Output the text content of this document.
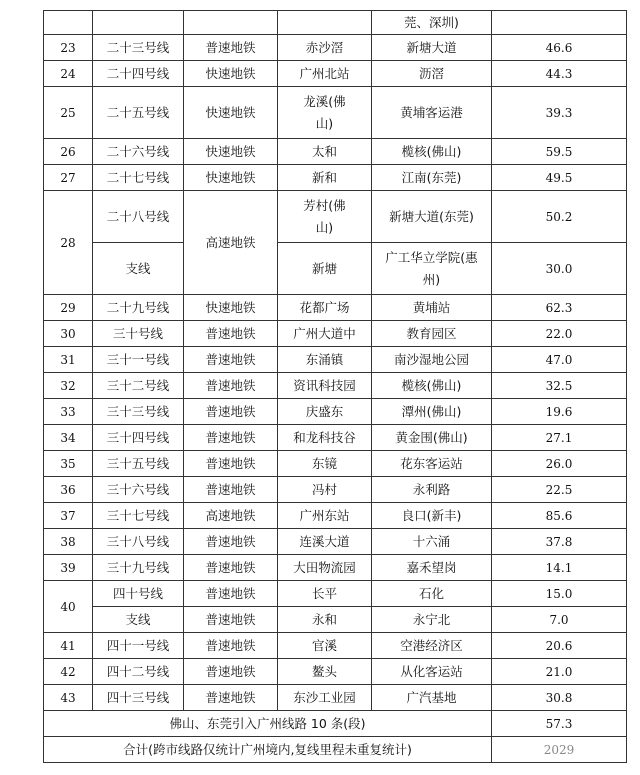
				莞、深圳)	
23	二十三号线	普速地铁	赤沙滘	新塘大道	46.6
24	二十四号线	快速地铁	广州北站	沥滘	44.3
25	二十五号线	快速地铁	龙溪(佛山)	黄埔客运港	39.3
26	二十六号线	快速地铁	太和	榄核(佛山)	59.5
27	二十七号线	快速地铁	新和	江南(东莞)	49.5
28	二十八号线	高速地铁	芳村(佛山)	新塘大道(东莞)	50.2
	支线		新塘	广工华立学院(惠州)	30.0
29	二十九号线	快速地铁	花都广场	黄埔站	62.3
30	三十号线	普速地铁	广州大道中	教育园区	22.0
31	三十一号线	普速地铁	东涌镇	南沙湿地公园	47.0
32	三十二号线	普速地铁	资讯科技园	榄核(佛山)	32.5
33	三十三号线	普速地铁	庆盛东	潭州(佛山)	19.6
34	三十四号线	普速地铁	和龙科技谷	黄金围(佛山)	27.1
35	三十五号线	普速地铁	东镜	花东客运站	26.0
36	三十六号线	普速地铁	冯村	永利路	22.5
37	三十七号线	高速地铁	广州东站	良口(新丰)	85.6
38	三十八号线	普速地铁	连溪大道	十六涌	37.8
39	三十九号线	普速地铁	大田物流园	嘉禾望岗	14.1
40	四十号线	普速地铁	长平	石化	15.0
	支线	普速地铁	永和	永宁北	7.0
41	四十一号线	普速地铁	官溪	空港经济区	20.6
42	四十二号线	普速地铁	鳌头	从化客运站	21.0
43	四十三号线	普速地铁	东沙工业园	广汽基地	30.8
佛山、东莞引入广州线路 10 条(段)					57.3
合计(跨市线路仅统计广州境内,复线里程未重复统计)					2029
